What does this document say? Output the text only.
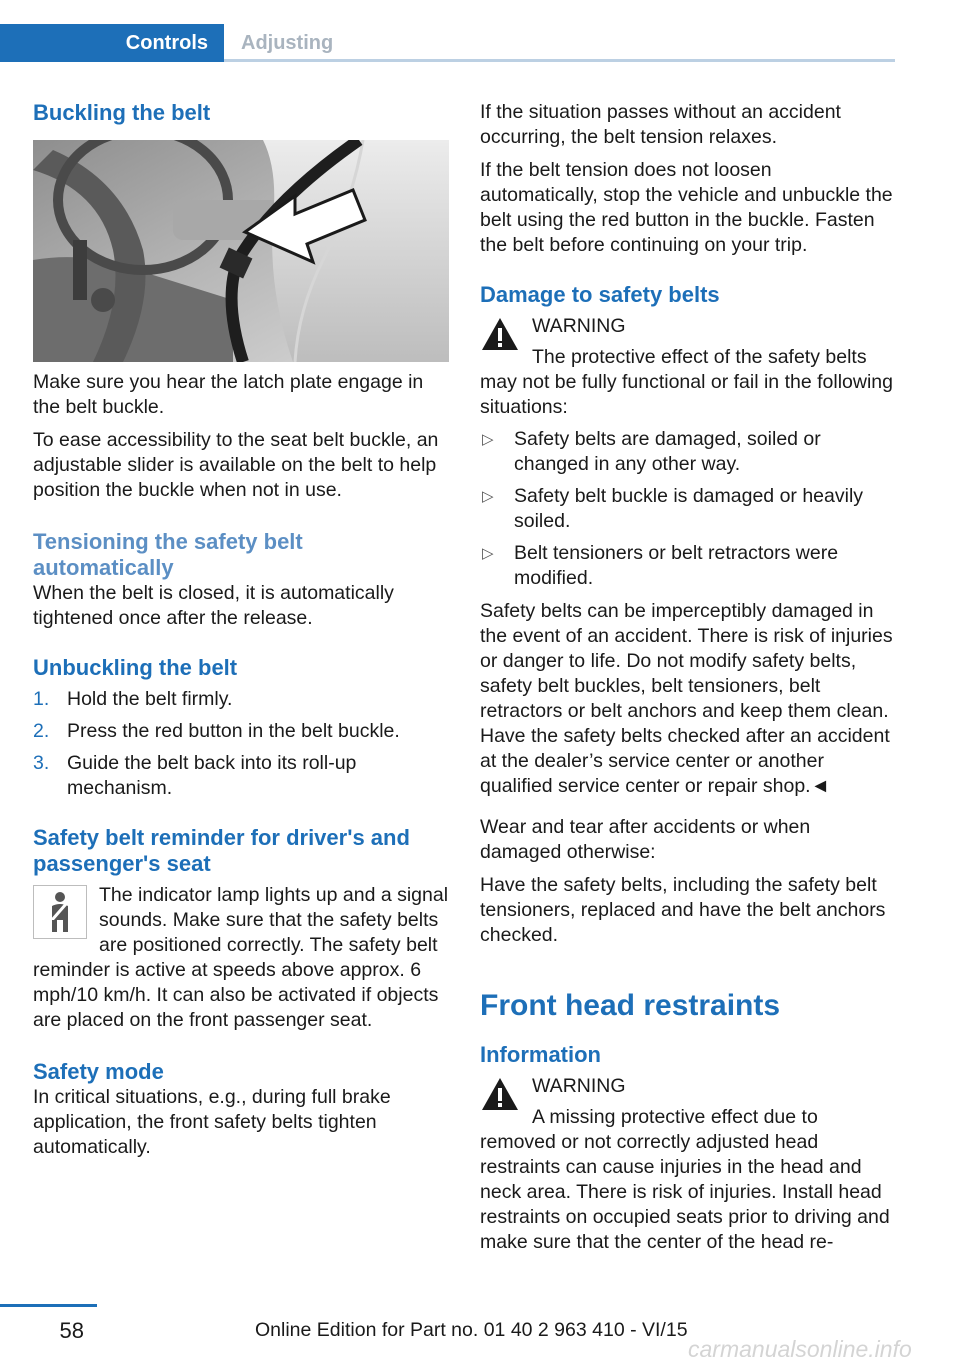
Controls	Adjusting
Buckling the belt

Make sure you hear the latch plate engage in the belt buckle.

To ease accessibility to the seat belt buckle, an adjustable slider is available on the belt to help position the buckle when not in use.

Tensioning the safety belt
automatically

When the belt is closed, it is automatically tightened once after the release.

Unbuckling the belt
1. Hold the belt firmly.
2. Press the red button in the belt buckle.
3. Guide the belt back into its roll-up mechanism.
Safety belt reminder for driver's and
passenger's seat

The indicator lamp lights up and a signal sounds. Make sure that the safety belts are positioned correctly. The safety belt reminder is active at speeds above approx. 6 mph/10 km/h. It can also be activated if objects are placed on the front passenger seat.

Safety mode

In critical situations, e.g., during full brake application, the front safety belts tighten automatically.

If the situation passes without an accident occurring, the belt tension relaxes.

If the belt tension does not loosen automatically, stop the vehicle and unbuckle the belt using the red button in the buckle. Fasten the belt before continuing on your trip.

Damage to safety belts
WARNING

The protective effect of the safety belts may not be fully functional or fail in the following situations:

▷ Safety belts are damaged, soiled or changed in any other way.
▷ Safety belt buckle is damaged or heavily soiled.
▷ Belt tensioners or belt retractors were modified.

Safety belts can be imperceptibly damaged in the event of an accident. There is risk of injuries or danger to life. Do not modify safety belts, safety belt buckles, belt tensioners, belt retractors or belt anchors and keep them clean. Have the safety belts checked after an accident at the dealer’s service center or another qualified service center or repair shop.◄

Wear and tear after accidents or when damaged otherwise:

Have the safety belts, including the safety belt tensioners, replaced and have the belt anchors checked.

Front head restraints
Information
WARNING

A missing protective effect due to removed or not correctly adjusted head restraints can cause injuries in the head and neck area. There is risk of injuries. Install head restraints on occupied seats prior to driving and make sure that the center of the head re-

58	Online Edition for Part no. 01 40 2 963 410 - VI/15
carmanualsonline.info
